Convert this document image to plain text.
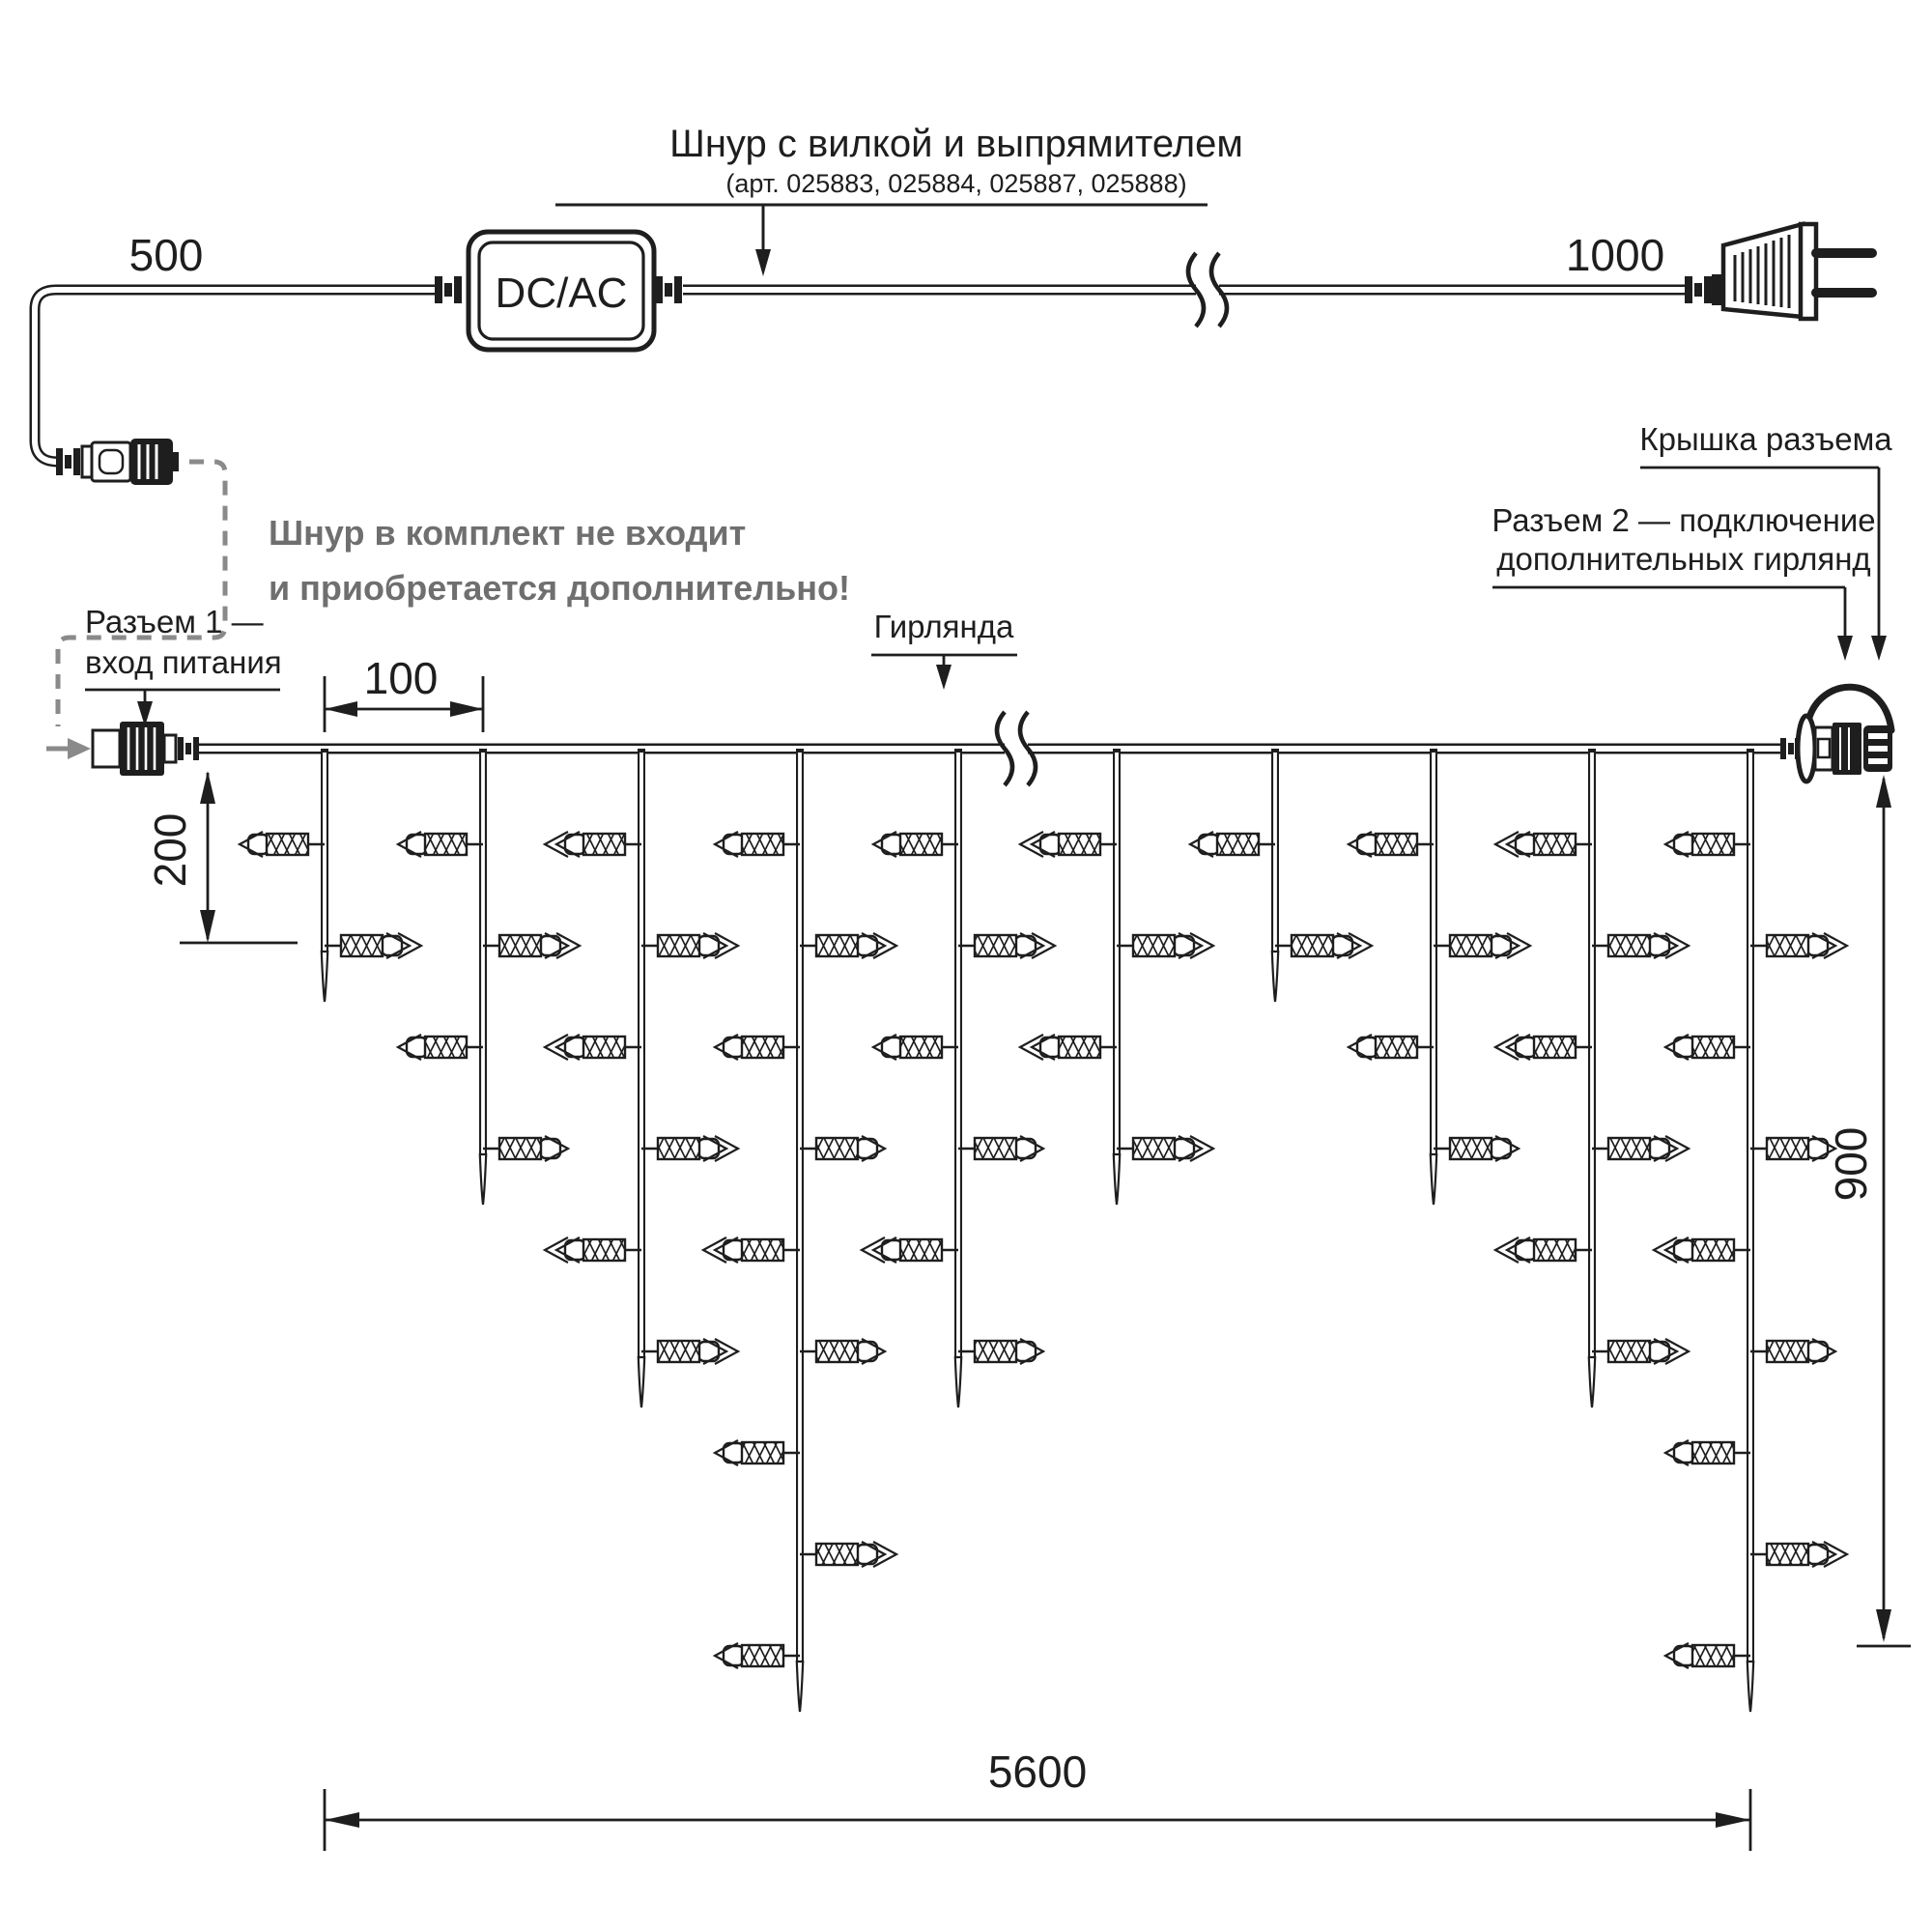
Шнур с вилкой и выпрямителем
(арт. 025883, 025884, 025887, 025888)
500	1000
DC/AC
Шнур в комплект не входит
и приобретается дополнительно!
Разъем 1 —
вход питания
Гирлянда
Крышка разъема
Разъем 2 — подключение
дополнительных гирлянд
100
200
900
5600
